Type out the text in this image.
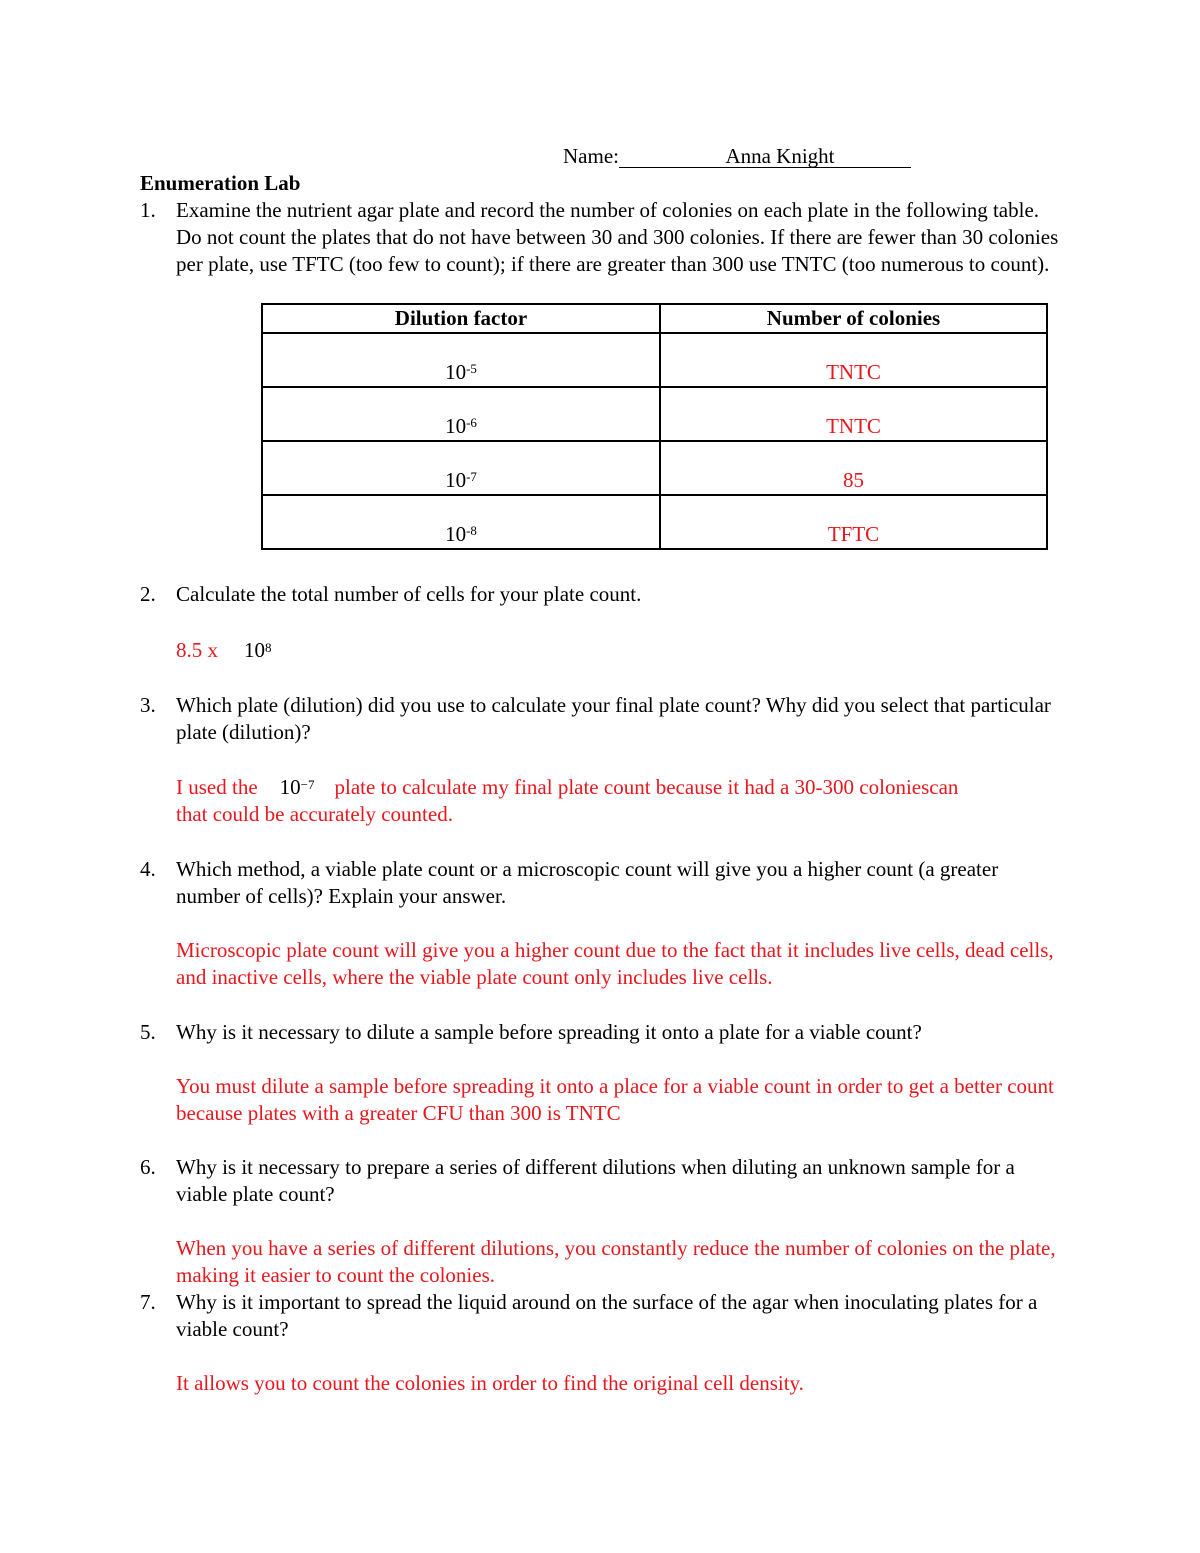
Name:	Anna Knight
Enumeration Lab
1. Examine the nutrient agar plate and record the number of colonies on each plate in the following table. Do not count the plates that do not have between 30 and 300 colonies. If there are fewer than 30 colonies per plate, use TFTC (too few to count); if there are greater than 300 use TNTC (too numerous to count).
Dilution factor	Number of colonies
$10^{-5}$	TNTC
$10^{-6}$	TNTC
$10^{-7}$	85
$10^{-8}$	TFTC
2. Calculate the total number of cells for your plate count.
8.5 x $10^8$
3. Which plate (dilution) did you use to calculate your final plate count? Why did you select that particular plate (dilution)?
I used the $10^{-7}$ plate to calculate my final plate count because it had a 30-300 coloniescan
that could be accurately counted.
4. Which method, a viable plate count or a microscopic count will give you a higher count (a greater number of cells)? Explain your answer.
Microscopic plate count will give you a higher count due to the fact that it includes live cells, dead cells, and inactive cells, where the viable plate count only includes live cells.
5. Why is it necessary to dilute a sample before spreading it onto a plate for a viable count?
You must dilute a sample before spreading it onto a place for a viable count in order to get a better count because plates with a greater CFU than 300 is TNTC
6. Why is it necessary to prepare a series of different dilutions when diluting an unknown sample for a viable plate count?
When you have a series of different dilutions, you constantly reduce the number of colonies on the plate, making it easier to count the colonies.
7. Why is it important to spread the liquid around on the surface of the agar when inoculating plates for a viable count?
It allows you to count the colonies in order to find the original cell density.
